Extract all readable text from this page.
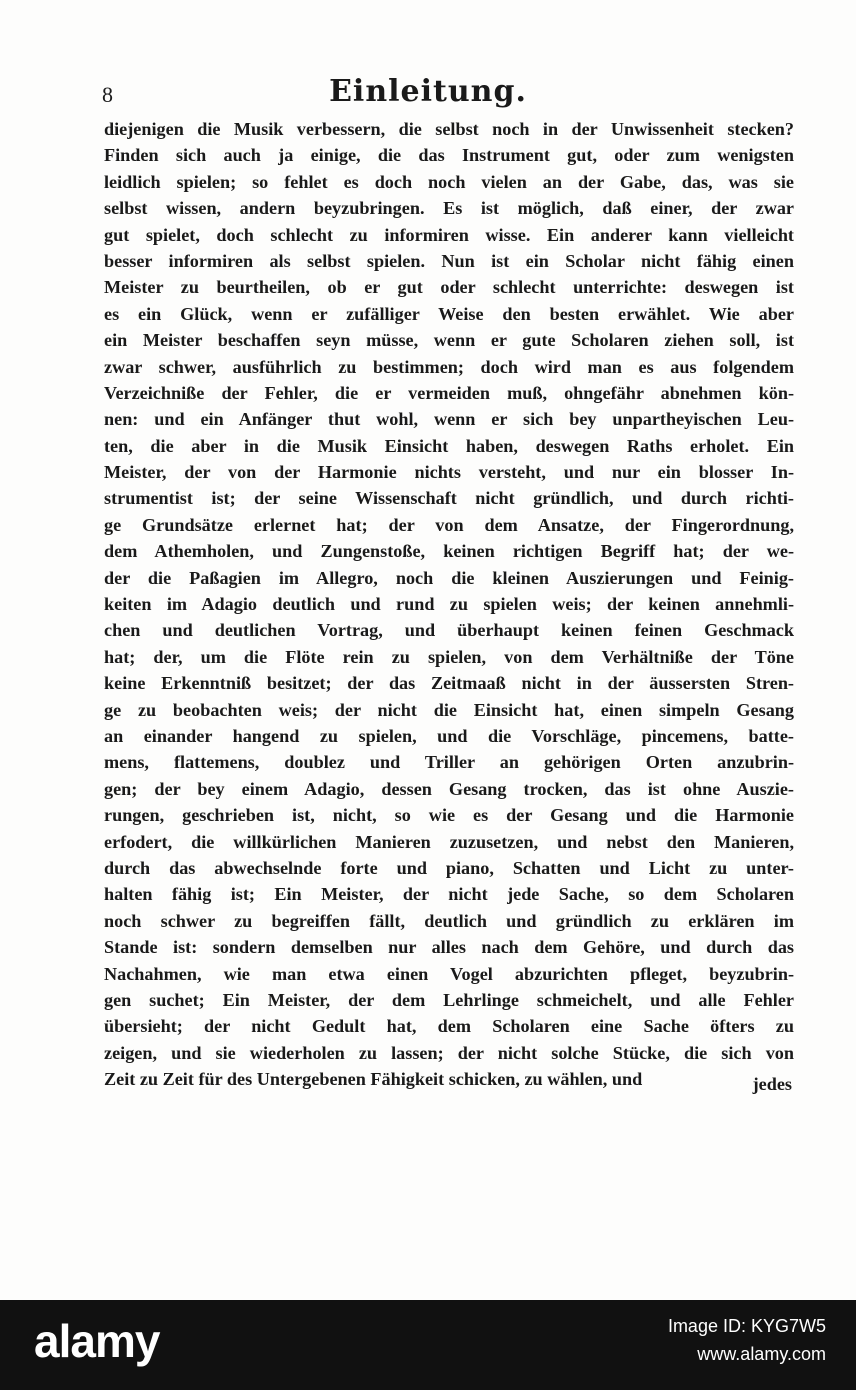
8	Einleitung.
diejenigen die Musik verbessern, die selbst noch in der Unwissenheit stecken?
Finden sich auch ja einige, die das Instrument gut, oder zum wenigsten
leidlich spielen; so fehlet es doch noch vielen an der Gabe, das, was sie
selbst wissen, andern beyzubringen. Es ist möglich, daß einer, der zwar
gut spielet, doch schlecht zu informiren wisse. Ein anderer kann vielleicht
besser informiren als selbst spielen. Nun ist ein Scholar nicht fähig einen
Meister zu beurtheilen, ob er gut oder schlecht unterrichte: deswegen ist
es ein Glück, wenn er zufälliger Weise den besten erwählet. Wie aber
ein Meister beschaffen seyn müsse, wenn er gute Scholaren ziehen soll, ist
zwar schwer, ausführlich zu bestimmen; doch wird man es aus folgendem
Verzeichniße der Fehler, die er vermeiden muß, ohngefähr abnehmen kön-
nen: und ein Anfänger thut wohl, wenn er sich bey unpartheyischen Leu-
ten, die aber in die Musik Einsicht haben, deswegen Raths erholet. Ein
Meister, der von der Harmonie nichts versteht, und nur ein blosser In-
strumentist ist; der seine Wissenschaft nicht gründlich, und durch richti-
ge Grundsätze erlernet hat; der von dem Ansatze, der Fingerordnung,
dem Athemholen, und Zungenstoße, keinen richtigen Begriff hat; der we-
der die Paßagien im Allegro, noch die kleinen Auszierungen und Feinig-
keiten im Adagio deutlich und rund zu spielen weis; der keinen annehmli-
chen und deutlichen Vortrag, und überhaupt keinen feinen Geschmack
hat; der, um die Flöte rein zu spielen, von dem Verhältniße der Töne
keine Erkenntniß besitzet; der das Zeitmaaß nicht in der äussersten Stren-
ge zu beobachten weis; der nicht die Einsicht hat, einen simpeln Gesang
an einander hangend zu spielen, und die Vorschläge, pincemens, batte-
mens, flattemens, doublez und Triller an gehörigen Orten anzubrin-
gen; der bey einem Adagio, dessen Gesang trocken, das ist ohne Auszie-
rungen, geschrieben ist, nicht, so wie es der Gesang und die Harmonie
erfodert, die willkürlichen Manieren zuzusetzen, und nebst den Manieren,
durch das abwechselnde forte und piano, Schatten und Licht zu unter-
halten fähig ist; Ein Meister, der nicht jede Sache, so dem Scholaren
noch schwer zu begreiffen fällt, deutlich und gründlich zu erklären im
Stande ist: sondern demselben nur alles nach dem Gehöre, und durch das
Nachahmen, wie man etwa einen Vogel abzurichten pfleget, beyzubrin-
gen suchet; Ein Meister, der dem Lehrlinge schmeichelt, und alle Fehler
übersieht; der nicht Gedult hat, dem Scholaren eine Sache öfters zu
zeigen, und sie wiederholen zu lassen; der nicht solche Stücke, die sich von
Zeit zu Zeit für des Untergebenen Fähigkeit schicken, zu wählen, und	jedes
alamy	Image ID: KYG7W5
www.alamy.com
